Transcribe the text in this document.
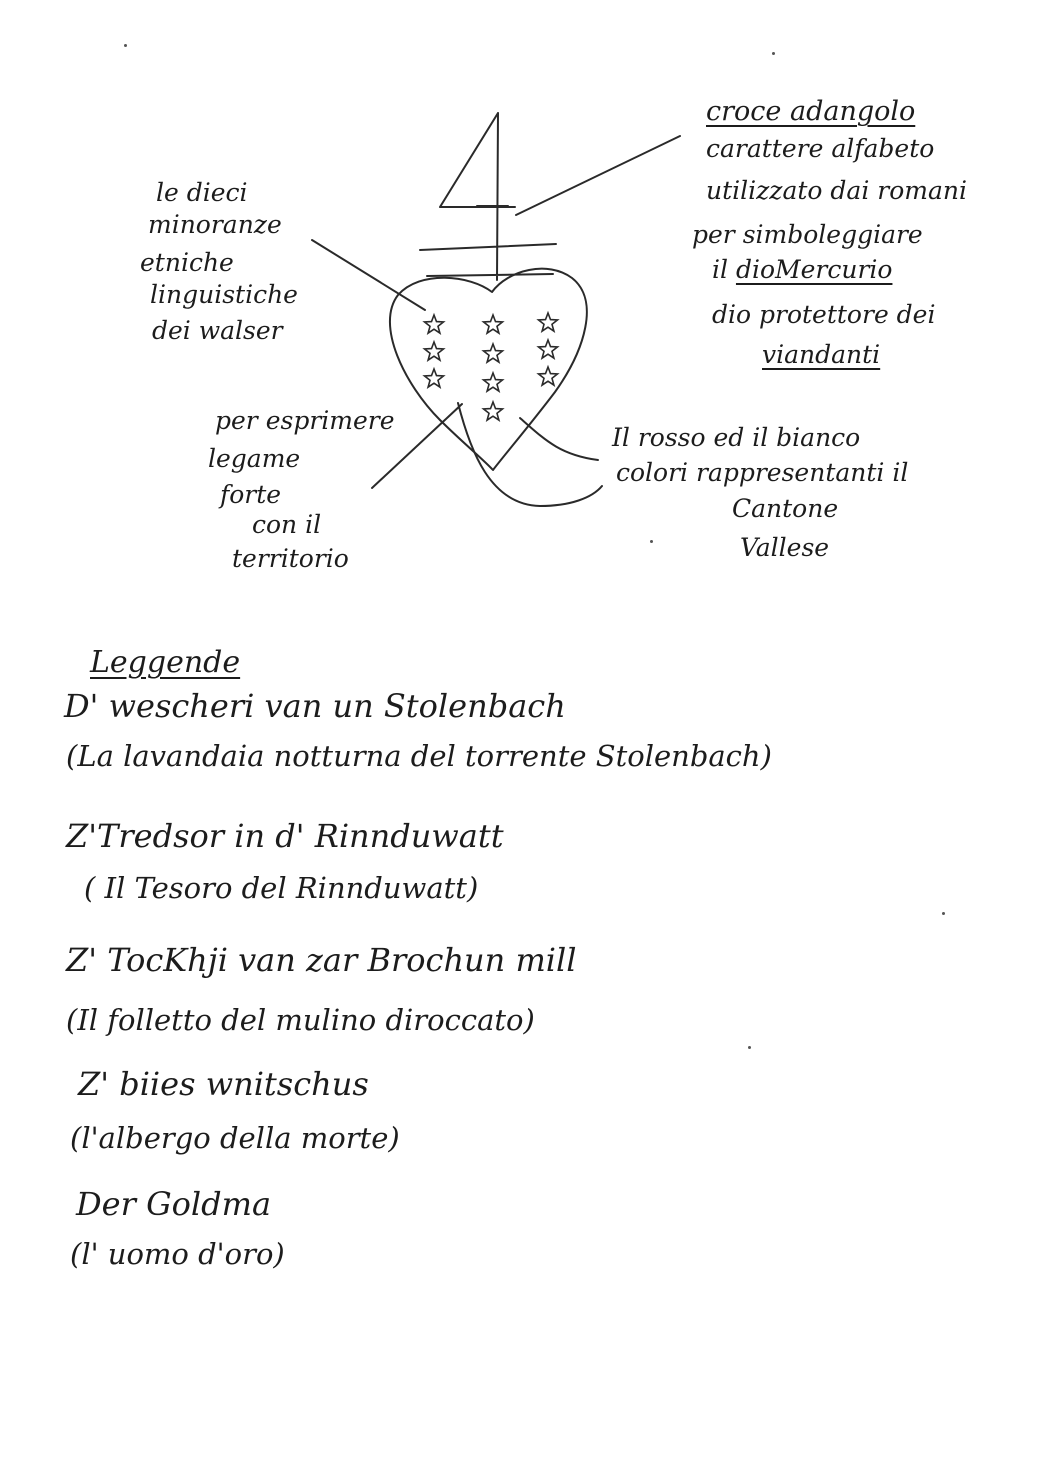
croce adangolo
carattere alfabeto
utilizzato dai romani
per simboleggiare
il dioMercurio
dio protettore dei
viandanti
le dieci
minoranze
etniche
linguistiche
dei walser
per esprimere
legame
forte
con il
territorio
Il rosso ed il bianco
colori rappresentanti il
Cantone
Vallese
Leggende
D' wescheri van un Stolenbach
(La lavandaia notturna del torrente Stolenbach)
Z'Tredsor in d' Rinnduwatt
( Il Tesoro del Rinnduwatt)
Z' TocKhji van zar Brochun mill
(Il folletto del mulino diroccato)
Z' biies wnitschus
(l'albergo della morte)
Der Goldma
(l' uomo d'oro)
